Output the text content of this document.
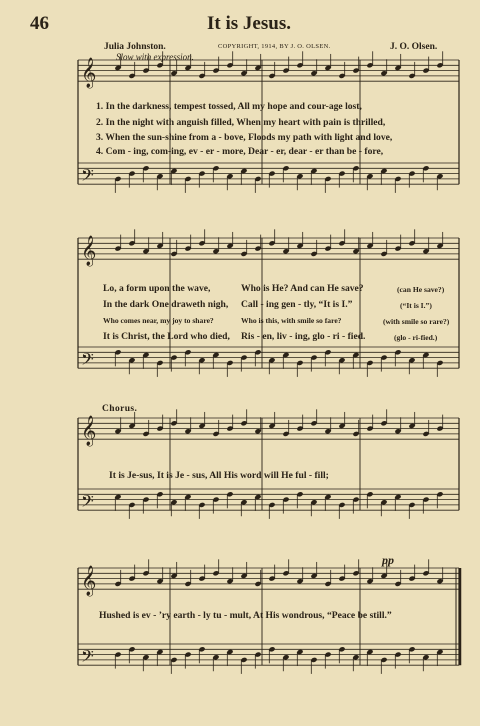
46	It is Jesus.
Julia Johnston.	COPYRIGHT, 1914, BY J. O. OLSEN.	J. O. Olsen.
Slow with expression.
𝄞
𝄢
𝄞
𝄢
𝄞
𝄢
𝄞
𝄢
1. In the darkness, tempest tossed, All my hope and cour-age lost,
2. In the night with anguish filled, When my heart with pain is thrilled,
3. When the sun-shine from a - bove, Floods my path with light and love,
4. Com - ing, com-ing, ev - er - more, Dear - er, dear - er than be - fore,
Lo, a form upon the wave,
In the dark One draweth nigh,
Who comes near, my joy to share?
It is Christ, the Lord who died,
Who is He? And can He save?
Call - ing gen - tly, “It is I.”
Who is this, with smile so fare?
Ris - en, liv - ing, glo - ri - fied.
(can He save?)
(“It is I.”)
(with smile so rare?)
(glo - ri-fied.)
Chorus.
It is Je-sus, It is Je - sus, All His word will He ful - fill;
pp
Hushed is ev - ’ry earth - ly tu - mult, At His wondrous, “Peace be still.”
